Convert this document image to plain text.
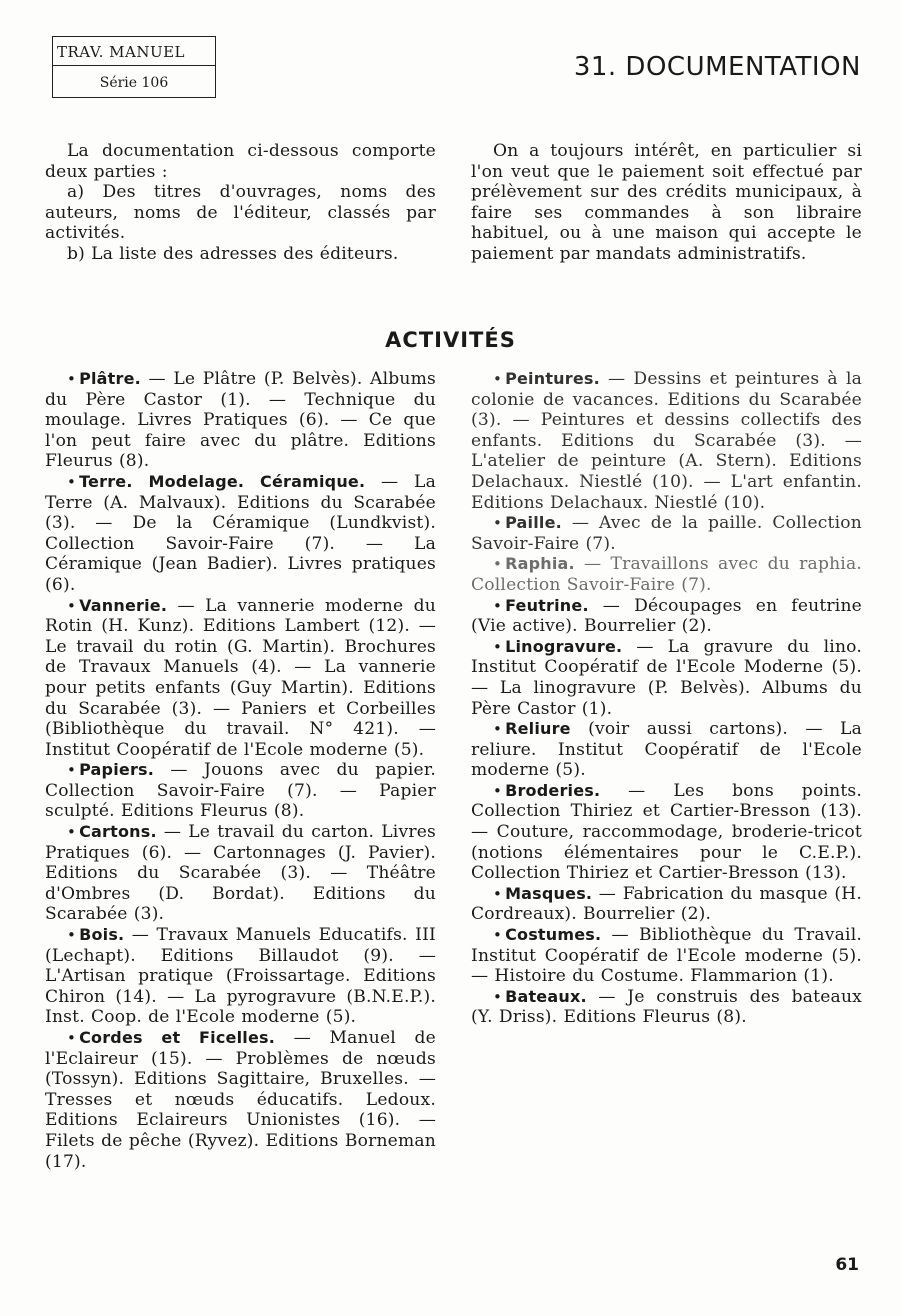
TRAV. MANUEL
Série 106
31. DOCUMENTATION

La documentation ci-dessous comporte deux parties :

a) Des titres d'ouvrages, noms des auteurs, noms de l'éditeur, classés par activités.

b) La liste des adresses des éditeurs.

On a toujours intérêt, en particulier si l'on veut que le paiement soit effectué par prélèvement sur des crédits municipaux, à faire ses commandes à son libraire habituel, ou à une maison qui accepte le paiement par mandats administratifs.

ACTIVITÉS

• Plâtre. — Le Plâtre (P. Belvès). Albums du Père Castor (1). — Technique du moulage. Livres Pratiques (6). — Ce que l'on peut faire avec du plâtre. Editions Fleurus (8).

• Terre. Modelage. Céramique. — La Terre (A. Malvaux). Editions du Scarabée (3). — De la Céramique (Lundkvist). Collection Savoir-Faire (7). — La Céramique (Jean Badier). Livres pratiques (6).

• Vannerie. — La vannerie moderne du Rotin (H. Kunz). Editions Lambert (12). — Le travail du rotin (G. Martin). Brochures de Travaux Manuels (4). — La vannerie pour petits enfants (Guy Martin). Editions du Scarabée (3). — Paniers et Corbeilles (Bibliothèque du travail. N° 421). — Institut Coopératif de l'Ecole moderne (5).

• Papiers. — Jouons avec du papier. Collection Savoir-Faire (7). — Papier sculpté. Editions Fleurus (8).

• Cartons. — Le travail du carton. Livres Pratiques (6). — Cartonnages (J. Pavier). Editions du Scarabée (3). — Théâtre d'Ombres (D. Bordat). Editions du Scarabée (3).

• Bois. — Travaux Manuels Educatifs. III (Lechapt). Editions Billaudot (9). — L'Artisan pratique (Froissartage. Editions Chiron (14). — La pyrogravure (B.N.E.P.). Inst. Coop. de l'Ecole moderne (5).

• Cordes et Ficelles. — Manuel de l'Eclaireur (15). — Problèmes de nœuds (Tossyn). Editions Sagittaire, Bruxelles. — Tresses et nœuds éducatifs. Ledoux. Editions Eclaireurs Unionistes (16). — Filets de pêche (Ryvez). Editions Borneman (17).

• Peintures. — Dessins et peintures à la colonie de vacances. Editions du Scarabée (3). — Peintures et dessins collectifs des enfants. Editions du Scarabée (3). — L'atelier de peinture (A. Stern). Editions Delachaux. Niestlé (10). — L'art enfantin. Editions Delachaux. Niestlé (10).

• Paille. — Avec de la paille. Collection Savoir-Faire (7).

• Raphia. — Travaillons avec du raphia. Collection Savoir-Faire (7).

• Feutrine. — Découpages en feutrine (Vie active). Bourrelier (2).

• Linogravure. — La gravure du lino. Institut Coopératif de l'Ecole Moderne (5). — La linogravure (P. Belvès). Albums du Père Castor (1).

• Reliure (voir aussi cartons). — La reliure. Institut Coopératif de l'Ecole moderne (5).

• Broderies. — Les bons points. Collection Thiriez et Cartier-Bresson (13). — Couture, raccommodage, broderie-tricot (notions élémentaires pour le C.E.P.). Collection Thiriez et Cartier-Bresson (13).

• Masques. — Fabrication du masque (H. Cordreaux). Bourrelier (2).

• Costumes. — Bibliothèque du Travail. Institut Coopératif de l'Ecole moderne (5). — Histoire du Costume. Flammarion (1).

• Bateaux. — Je construis des bateaux (Y. Driss). Editions Fleurus (8).

61
